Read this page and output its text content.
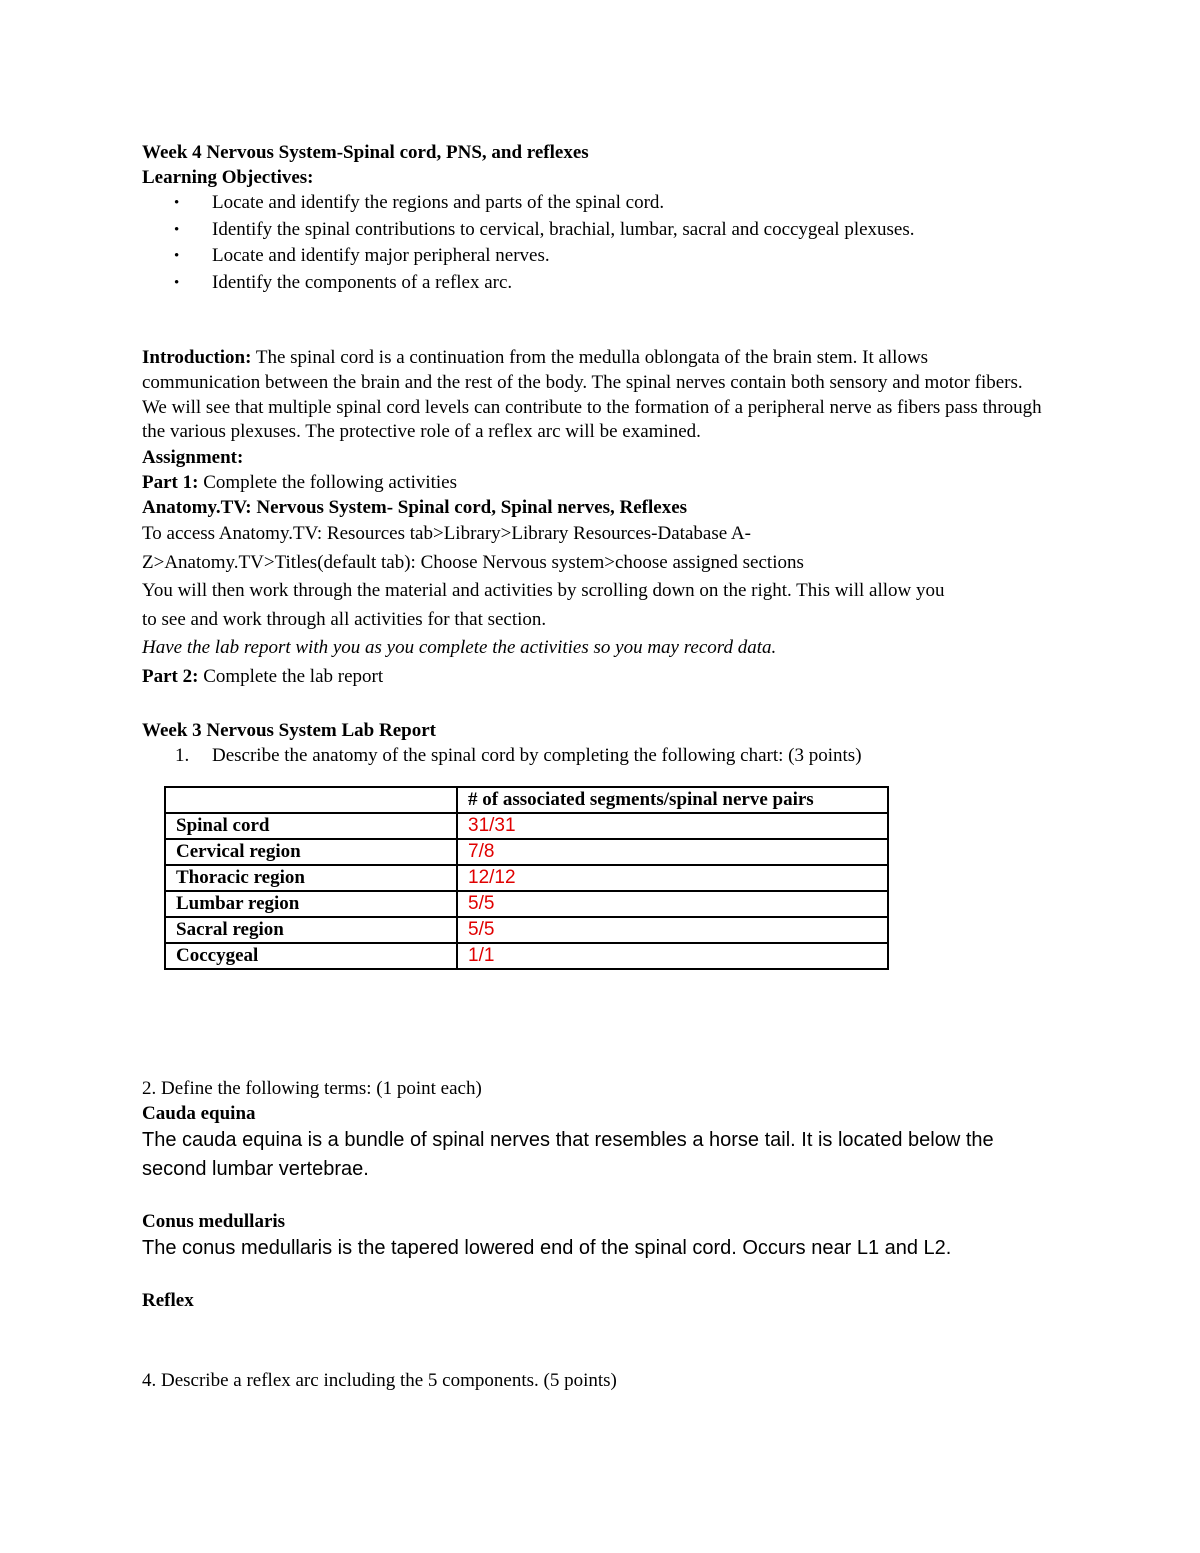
Week 4 Nervous System-Spinal cord, PNS, and reflexes
Learning Objectives:
• Locate and identify the regions and parts of the spinal cord.
• Identify the spinal contributions to cervical, brachial, lumbar, sacral and coccygeal plexuses.
• Locate and identify major peripheral nerves.
• Identify the components of a reflex arc.
Introduction: The spinal cord is a continuation from the medulla oblongata of the brain stem. It allows communication between the brain and the rest of the body. The spinal nerves contain both sensory and motor fibers. We will see that multiple spinal cord levels can contribute to the formation of a peripheral nerve as fibers pass through the various plexuses. The protective role of a reflex arc will be examined.
Assignment:
Part 1: Complete the following activities
Anatomy.TV: Nervous System- Spinal cord, Spinal nerves, Reflexes
To access Anatomy.TV: Resources tab>Library>Library Resources-Database A-
Z>Anatomy.TV>Titles(default tab): Choose Nervous system>choose assigned sections
You will then work through the material and activities by scrolling down on the right. This will allow you
to see and work through all activities for that section.
Have the lab report with you as you complete the activities so you may record data.
Part 2: Complete the lab report
Week 3 Nervous System Lab Report
1. Describe the anatomy of the spinal cord by completing the following chart: (3 points)
	# of associated segments/spinal nerve pairs
Spinal cord	31/31
Cervical region	7/8
Thoracic region	12/12
Lumbar region	5/5
Sacral region	5/5
Coccygeal	1/1
2. Define the following terms: (1 point each)
Cauda equina
The cauda equina is a bundle of spinal nerves that resembles a horse tail. It is located below the
second lumbar vertebrae.
Conus medullaris
The conus medullaris is the tapered lowered end of the spinal cord. Occurs near L1 and L2.
Reflex
4. Describe a reflex arc including the 5 components. (5 points)
